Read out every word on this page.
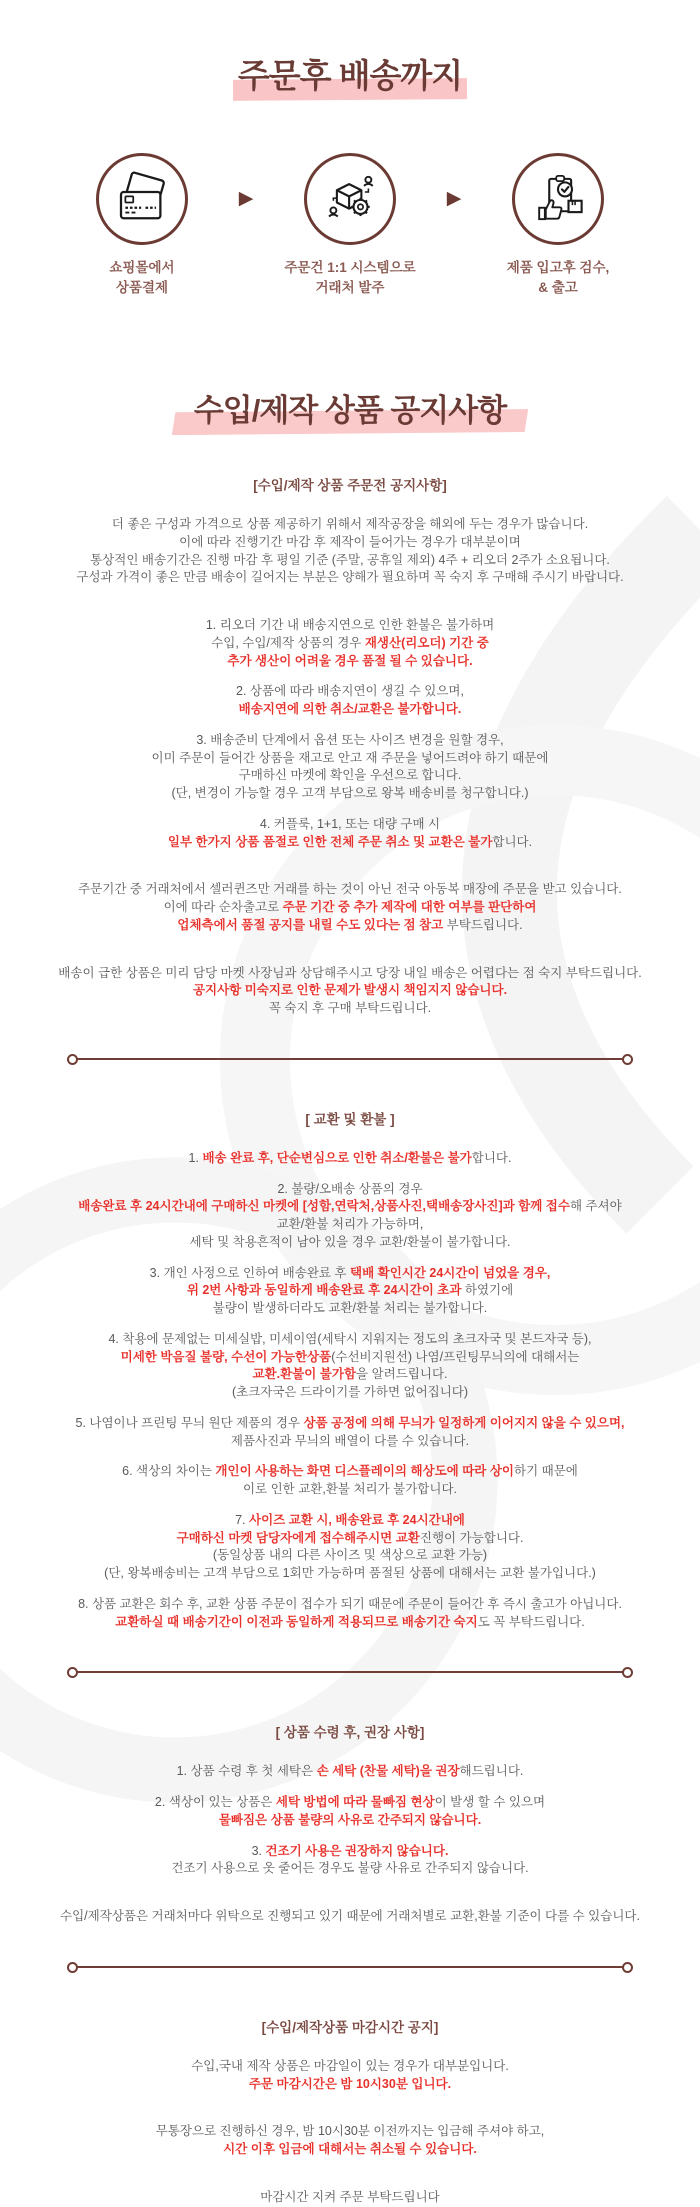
주문후 배송까지
쇼핑몰에서
상품결제
▶
주문건 1:1 시스템으로
거래처 발주
▶
제품 입고후 검수,
& 출고
수입/제작 상품 공지사항
[수입/제작 상품 주문전 공지사항]

더 좋은 구성과 가격으로 상품 제공하기 위해서 제작공장을 해외에 두는 경우가 많습니다.
이에 따라 진행기간 마감 후 제작이 들어가는 경우가 대부분이며
통상적인 배송기간은 진행 마감 후 평일 기준 (주말, 공휴일 제외) 4주 + 리오더 2주가 소요됩니다.
구성과 가격이 좋은 만큼 배송이 길어지는 부분은 양해가 필요하며 꼭 숙지 후 구매해 주시기 바랍니다.

1. 리오더 기간 내 배송지연으로 인한 환불은 불가하며
수입, 수입/제작 상품의 경우 재생산(리오더) 기간 중
추가 생산이 어려울 경우 품절 될 수 있습니다.

2. 상품에 따라 배송지연이 생길 수 있으며,
배송지연에 의한 취소/교환은 불가합니다.

3. 배송준비 단계에서 옵션 또는 사이즈 변경을 원할 경우,
이미 주문이 들어간 상품을 재고로 안고 재 주문을 넣어드려야 하기 때문에
구매하신 마켓에 확인을 우선으로 합니다.
(단, 변경이 가능할 경우 고객 부담으로 왕복 배송비를 청구합니다.)

4. 커플룩, 1+1, 또는 대량 구매 시
일부 한가지 상품 품절로 인한 전체 주문 취소 및 교환은 불가합니다.

주문기간 중 거래처에서 셀러퀸즈만 거래를 하는 것이 아닌 전국 아동복 매장에 주문을 받고 있습니다.
이에 따라 순차출고로 주문 기간 중 추가 제작에 대한 여부를 판단하여
업체측에서 품절 공지를 내릴 수도 있다는 점 참고 부탁드립니다.

배송이 급한 상품은 미리 담당 마켓 사장님과 상담해주시고 당장 내일 배송은 어렵다는 점 숙지 부탁드립니다.
공지사항 미숙지로 인한 문제가 발생시 책임지지 않습니다.
꼭 숙지 후 구매 부탁드립니다.

[ 교환 및 환불 ]

1. 배송 완료 후, 단순변심으로 인한 취소/환불은 불가합니다.

2. 불량/오배송 상품의 경우
배송완료 후 24시간내에 구매하신 마켓에 [성함,연락처,상품사진,택배송장사진]과 함께 접수해 주셔야
교환/환불 처리가 가능하며,
세탁 및 착용흔적이 남아 있을 경우 교환/환불이 불가합니다.

3. 개인 사정으로 인하여 배송완료 후 택배 확인시간 24시간이 넘었을 경우,
위 2번 사항과 동일하게 배송완료 후 24시간이 초과 하였기에
불량이 발생하더라도 교환/환불 처리는 불가합니다.

4. 착용에 문제없는 미세실밥, 미세이염(세탁시 지워지는 정도의 초크자국 및 본드자국 등),
미세한 박음질 불량, 수선이 가능한상품(수선비지원선) 나염/프린팅무늬의에 대해서는
교환.환불이 불가함을 알려드립니다.
(초크자국은 드라이기를 가하면 없어집니다)

5. 나염이나 프린팅 무늬 원단 제품의 경우 상품 공정에 의해 무늬가 일정하게 이어지지 않을 수 있으며,
제품사진과 무늬의 배열이 다를 수 있습니다.

6. 색상의 차이는 개인이 사용하는 화면 디스플레이의 해상도에 따라 상이하기 때문에
이로 인한 교환,환불 처리가 불가합니다.

7. 사이즈 교환 시, 배송완료 후 24시간내에
구매하신 마켓 담당자에게 접수해주시면 교환진행이 가능합니다.
(동일상품 내의 다른 사이즈 및 색상으로 교환 가능)
(단, 왕복배송비는 고객 부담으로 1회만 가능하며 품절된 상품에 대해서는 교환 불가입니다.)

8. 상품 교환은 회수 후, 교환 상품 주문이 접수가 되기 때문에 주문이 들어간 후 즉시 출고가 아닙니다.
교환하실 때 배송기간이 이전과 동일하게 적용되므로 배송기간 숙지도 꼭 부탁드립니다.

[ 상품 수령 후, 권장 사항]

1. 상품 수령 후 첫 세탁은 손 세탁 (찬물 세탁)을 권장해드립니다.

2. 색상이 있는 상품은 세탁 방법에 따라 물빠짐 현상이 발생 할 수 있으며
물빠짐은 상품 불량의 사유로 간주되지 않습니다.

3. 건조기 사용은 권장하지 않습니다.
건조기 사용으로 옷 줄어든 경우도 불량 사유로 간주되지 않습니다.

수입/제작상품은 거래처마다 위탁으로 진행되고 있기 때문에 거래처별로 교환,환불 기준이 다를 수 있습니다.

[수입/제작상품 마감시간 공지]

수입,국내 제작 상품은 마감일이 있는 경우가 대부분입니다.
주문 마감시간은 밤 10시30분 입니다.

무통장으로 진행하신 경우, 밤 10시30분 이전까지는 입금해 주셔야 하고,
시간 이후 입금에 대해서는 취소될 수 있습니다.

마감시간 지켜 주문 부탁드립니다
